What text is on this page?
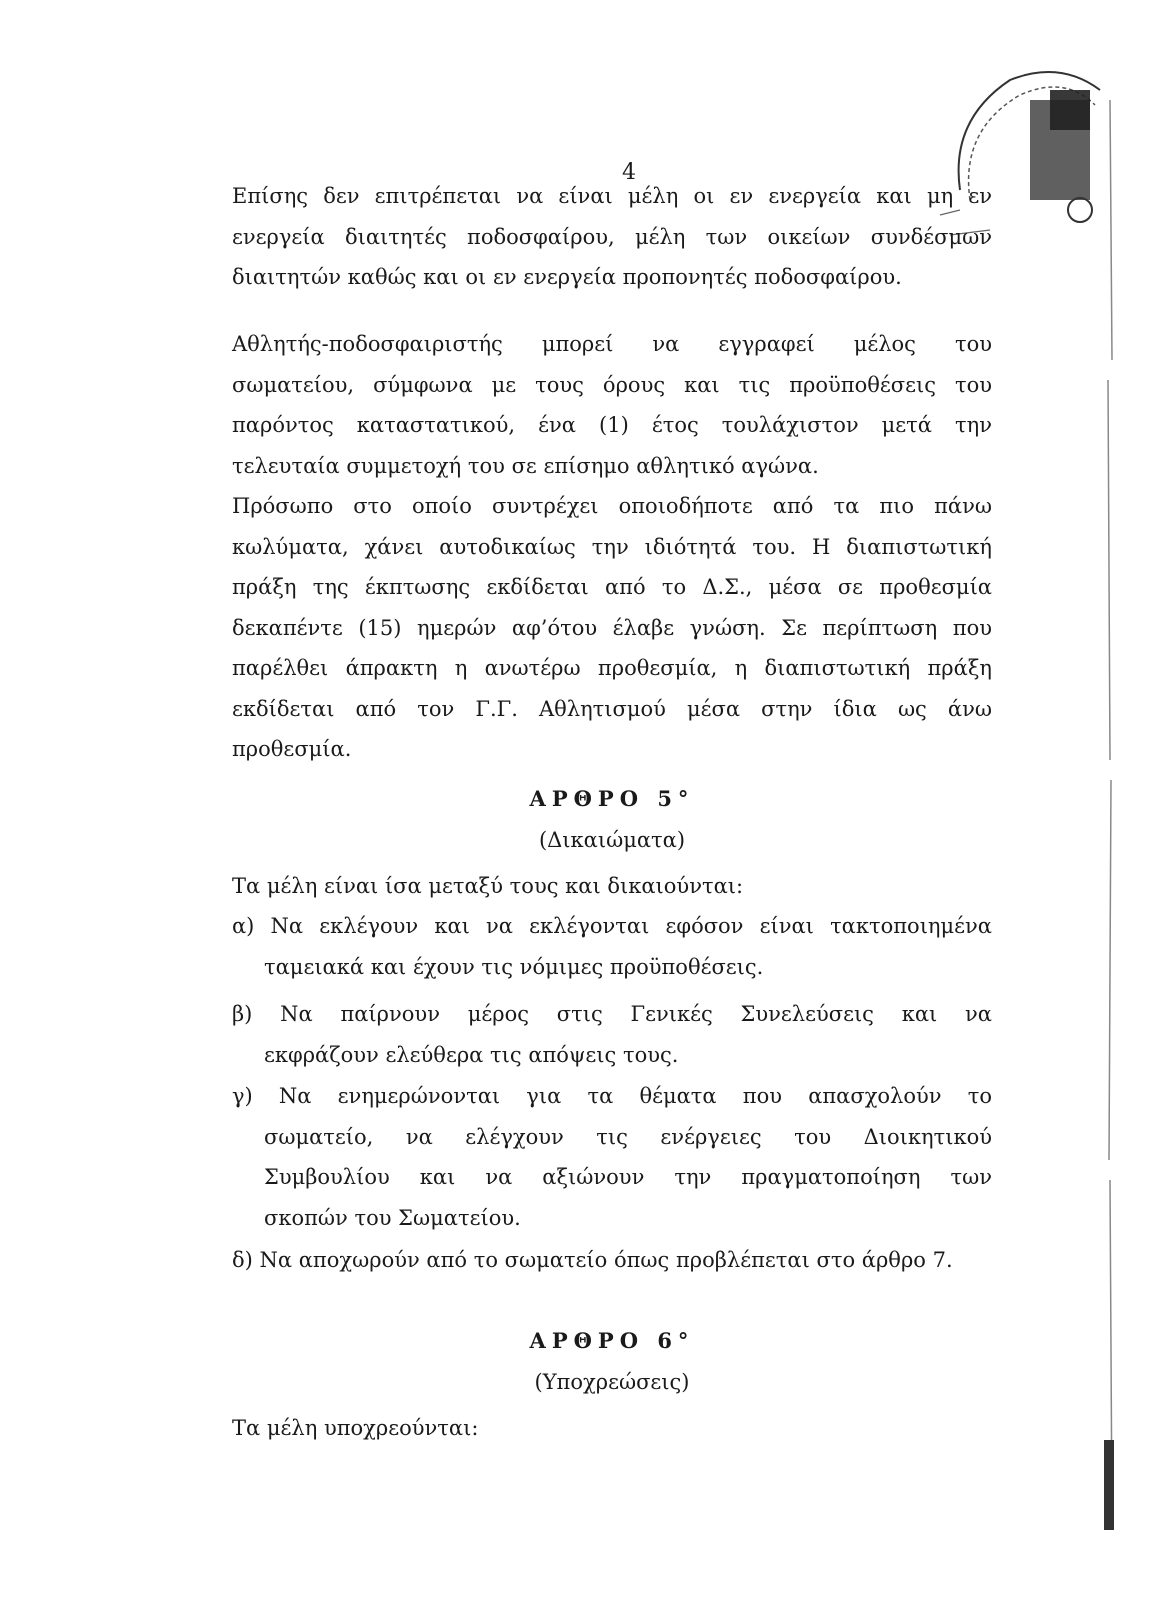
4
Επίσης δεν επιτρέπεται να είναι μέλη οι εν ενεργεία και μη εν
ενεργεία διαιτητές ποδοσφαίρου, μέλη των οικείων συνδέσμων
διαιτητών καθώς και οι εν ενεργεία προπονητές ποδοσφαίρου.
Αθλητής-ποδοσφαιριστής μπορεί να εγγραφεί μέλος του
σωματείου, σύμφωνα με τους όρους και τις προϋποθέσεις του
παρόντος καταστατικού, ένα (1) έτος τουλάχιστον μετά την
τελευταία συμμετοχή του σε επίσημο αθλητικό αγώνα.
Πρόσωπο στο οποίο συντρέχει οποιοδήποτε από τα πιο πάνω
κωλύματα, χάνει αυτοδικαίως την ιδιότητά του. Η διαπιστωτική
πράξη της έκπτωσης εκδίδεται από το Δ.Σ., μέσα σε προθεσμία
δεκαπέντε (15) ημερών αφ’ότου έλαβε γνώση. Σε περίπτωση που
παρέλθει άπρακτη η ανωτέρω προθεσμία, η διαπιστωτική πράξη
εκδίδεται από τον Γ.Γ. Αθλητισμού μέσα στην ίδια ως άνω
προθεσμία.
ΑΡΘΡΟ 5°
(Δικαιώματα)
Τα μέλη είναι ίσα μεταξύ τους και δικαιούνται:
α) Να εκλέγουν και να εκλέγονται εφόσον είναι τακτοποιημένα
ταμειακά και έχουν τις νόμιμες προϋποθέσεις.
β) Να παίρνουν μέρος στις Γενικές Συνελεύσεις και να
εκφράζουν ελεύθερα τις απόψεις τους.
γ) Να ενημερώνονται για τα θέματα που απασχολούν το
σωματείο, να ελέγχουν τις ενέργειες του Διοικητικού
Συμβουλίου και να αξιώνουν την πραγματοποίηση των
σκοπών του Σωματείου.
δ) Να αποχωρούν από το σωματείο όπως προβλέπεται στο άρθρο 7.
ΑΡΘΡΟ 6°
(Υποχρεώσεις)
Τα μέλη υποχρεούνται:
